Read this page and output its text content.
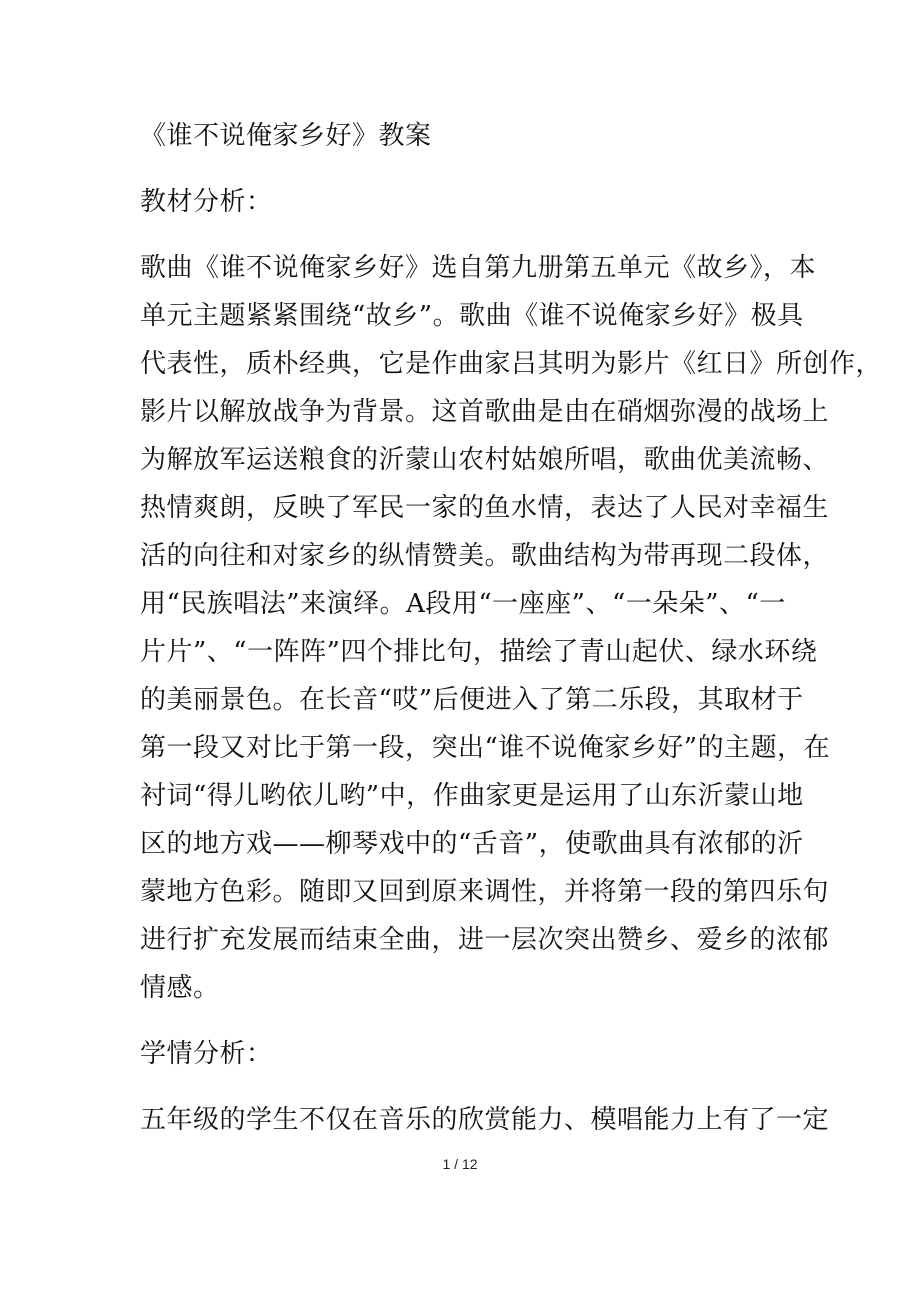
《谁不说俺家乡好》教案
教材分析：
歌曲《谁不说俺家乡好》选自第九册第五单元《故乡》，本
单元主题紧紧围绕“故乡”。歌曲《谁不说俺家乡好》极具
代表性，质朴经典，它是作曲家吕其明为影片《红日》所创作，
影片以解放战争为背景。这首歌曲是由在硝烟弥漫的战场上
为解放军运送粮食的沂蒙山农村姑娘所唱，歌曲优美流畅、
热情爽朗，反映了军民一家的鱼水情，表达了人民对幸福生
活的向往和对家乡的纵情赞美。歌曲结构为带再现二段体，
用“民族唱法”来演绎。A段用“一座座”、“一朵朵”、“一
片片”、“一阵阵”四个排比句，描绘了青山起伏、绿水环绕
的美丽景色。在长音“哎”后便进入了第二乐段，其取材于
第一段又对比于第一段，突出“谁不说俺家乡好”的主题，在
衬词“得儿哟依儿哟”中，作曲家更是运用了山东沂蒙山地
区的地方戏——柳琴戏中的“舌音”，使歌曲具有浓郁的沂
蒙地方色彩。随即又回到原来调性，并将第一段的第四乐句
进行扩充发展而结束全曲，进一层次突出赞乡、爱乡的浓郁
情感。
学情分析：
五年级的学生不仅在音乐的欣赏能力、模唱能力上有了一定
1 / 12
